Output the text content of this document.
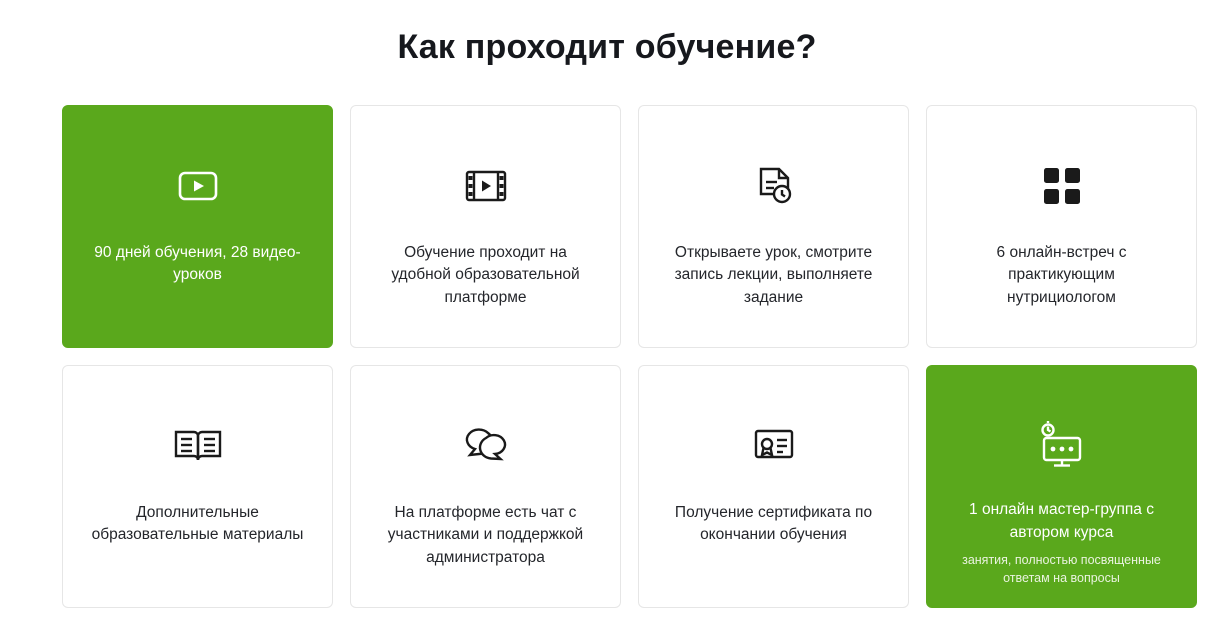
Как проходит обучение?
90 дней обучения, 28 видео-уроков
Обучение проходит на удобной образовательной платформе
Открываете урок, смотрите запись лекции, выполняете задание
6 онлайн-встреч с практикующим нутрициологом
Дополнительные образовательные материалы
На платформе есть чат с участниками и поддержкой администратора
Получение сертификата по окончании обучения
1 онлайн мастер-группа с автором курса
занятия, полностью посвященные ответам на вопросы
